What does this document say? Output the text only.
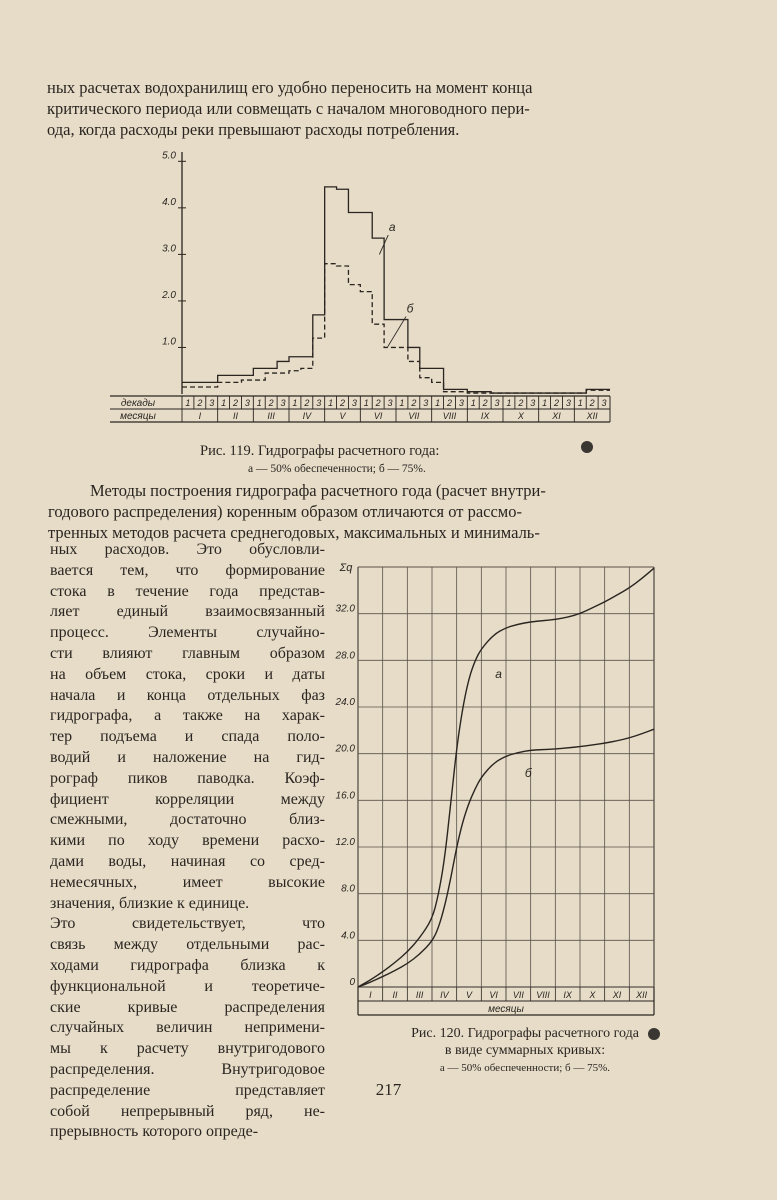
ных расчетах водохранилищ его удобно переносить на момент конца
критического периода или совмещать с началом многоводного пери-
ода, когда расходы реки превышают расходы потребления.
1.0
2.0
3.0
4.0
5.0
а
б
декады
месяцы
1 2 3 1 2 3 1 2 3 1 2 3 1 2 3 1 2 3 1 2 3 1 2 3 1 2 3 1 2 3 1 2 3 1 2 3
I	II	III	IV	V	VI	VII	VIII	IX	X	XI	XII

Рис. 119. Гидрографы расчетного года:

а — 50% обеспеченности; б — 75%.

Методы построения гидрографа расчетного года (расчет внутри-
годового распределения) коренным образом отличаются от рассмо-
тренных методов расчета среднегодовых, максимальных и минималь-
ных расходов. Это обусловли-
вается тем, что формирование
стока в течение года представ-
ляет единый взаимосвязанный
процесс. Элементы случайно-
сти влияют главным образом
на объем стока, сроки и даты
начала и конца отдельных фаз
гидрографа, а также на харак-
тер подъема и спада поло-
водий и наложение на гид-
рограф пиков паводка. Коэф-
фициент корреляции между
смежными, достаточно близ-
кими по ходу времени расхо-
дами воды, начиная со сред-
немесячных, имеет высокие
значения, близкие к единице.
Это свидетельствует, что
связь между отдельными рас-
ходами гидрографа близка к
функциональной и теоретиче-
ские кривые распределения
случайных величин непримени-
мы к расчету внутригодового
распределения. Внутригодовое
распределение представляет
собой непрерывный ряд, не-
прерывность которого опреде-
0
4.0
8.0
12.0
16.0
20.0
24.0
28.0
32.0
Σq
I II III IV V VI VII VIII IX X XI XII
месяцы
а
б

Рис. 120. Гидрографы расчетного года

в виде суммарных кривых:

а — 50% обеспеченности; б — 75%.

217
